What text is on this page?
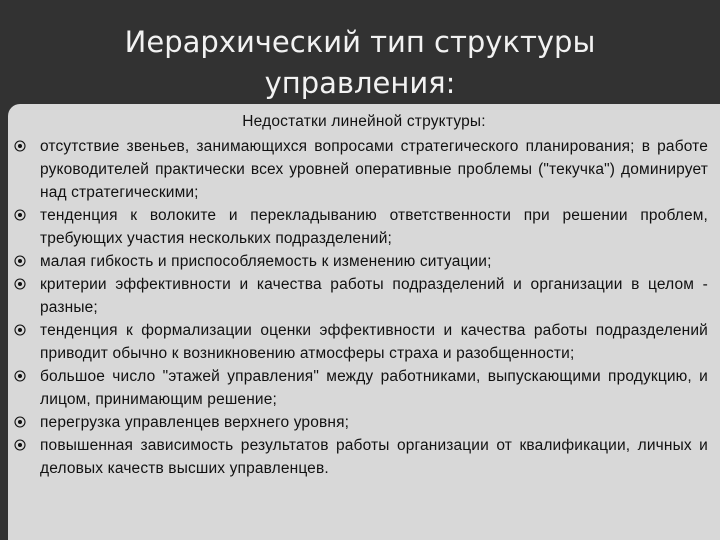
Иерархический тип структуры
управления:
Недостатки линейной структуры:
отсутствие звеньев, занимающихся вопросами стратегического планирования; в работе руководителей практически всех уровней оперативные проблемы ("текучка") доминирует над стратегическими;
тенденция к волоките и перекладыванию ответственности при решении проблем, требующих участия нескольких подразделений;
малая гибкость и приспособляемость к изменению ситуации;
критерии эффективности и качества работы подразделений и организации в целом - разные;
тенденция к формализации оценки эффективности и качества работы подразделений приводит обычно к возникновению атмосферы страха и разобщенности;
большое число "этажей управления" между работниками, выпускающими продукцию, и лицом, принимающим решение;
перегрузка управленцев верхнего уровня;
повышенная зависимость результатов работы организации от квалификации, личных и деловых качеств высших управленцев.
